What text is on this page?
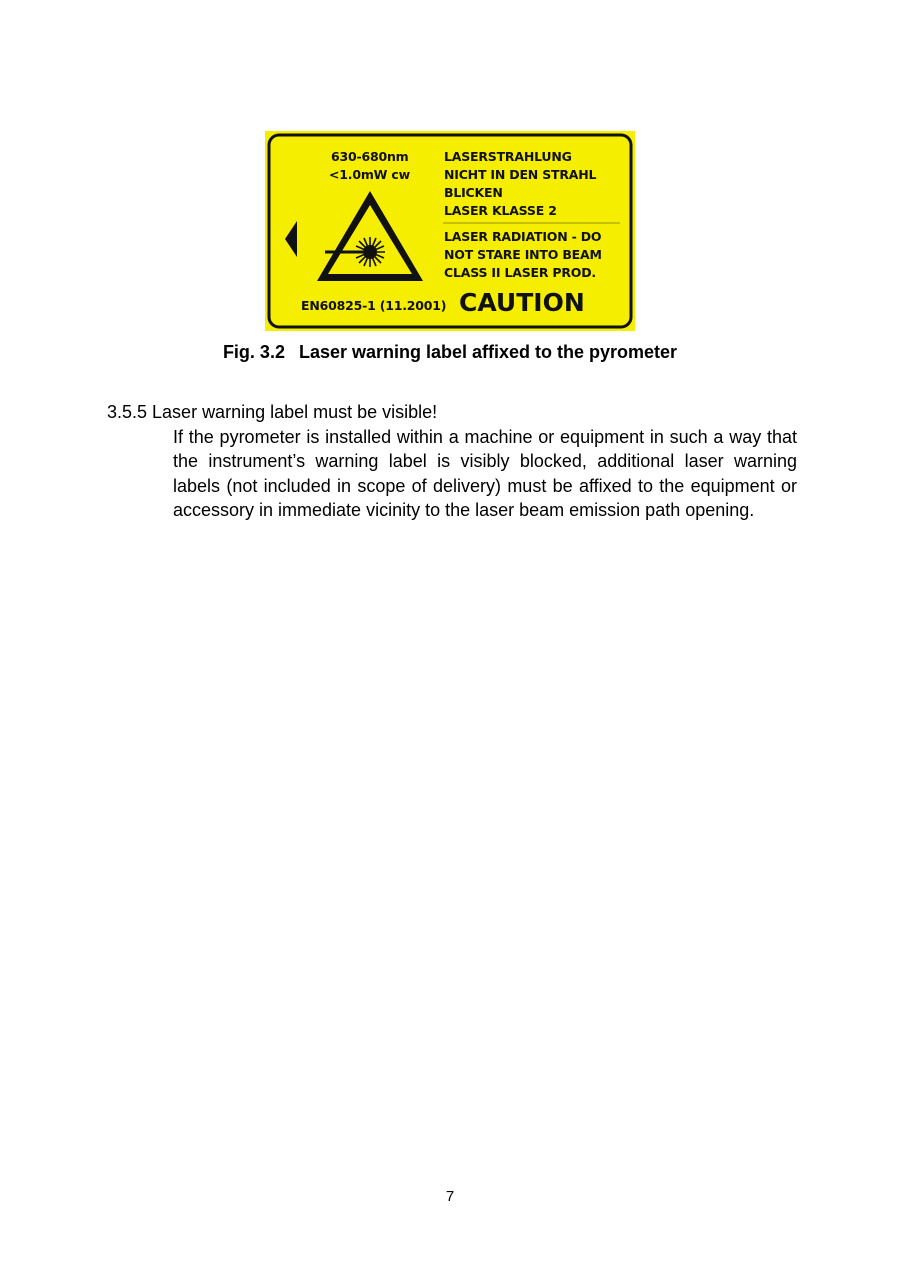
630-680nm
<1.0mW cw
LASERSTRAHLUNG
NICHT IN DEN STRAHL
BLICKEN
LASER KLASSE 2
LASER RADIATION - DO
NOT STARE INTO BEAM
CLASS II LASER PROD.
EN60825-1 (11.2001) CAUTION
Fig. 3.2 Laser warning label affixed to the pyrometer
3.5.5 Laser warning label must be visible!
If the pyrometer is installed within a machine or equipment in such a way that the instrument’s warning label is visibly blocked, additional laser warning labels (not included in scope of delivery) must be affixed to the equipment or accessory in immediate vicinity to the laser beam emission path opening.
7
